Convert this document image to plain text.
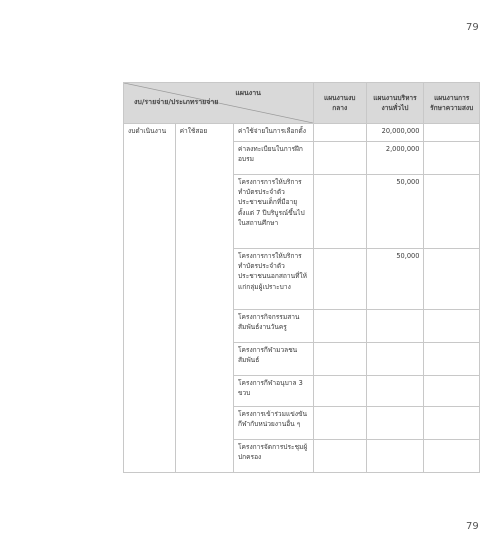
79
แผนงาน
งบ/รายจ่าย/ประเภทรายจ่าย			แผนงานงบกลาง	แผนงานบริหารงานทั่วไป	แผนงานการรักษาความสงบ

งบดำเนินงาน	ค่าใช้สอย	ค่าใช้จ่ายในการเลือกตั้ง		20,000,000	
		ค่าลงทะเบียนในการฝึกอบรม		2,000,000	
		โครงการการให้บริการทำบัตรประจำตัวประชาชนเด็กที่มีอายุตั้งแต่ 7 ปีบริบูรณ์ขึ้นไปในสถานศึกษา		50,000	
		โครงการการให้บริการทำบัตรประจำตัวประชาชนนอกสถานที่ให้แก่กลุ่มผู้เปราะบาง		50,000	
		โครงการกิจกรรมสานสัมพันธ์งานวันครู			
		โครงการกีฬามวลชนสัมพันธ์			
		โครงการกีฬาอนุบาล 3 ขวบ			
		โครงการเข้าร่วมแข่งขันกีฬากับหน่วยงานอื่น ๆ			
		โครงการจัดการประชุมผู้ปกครอง			
79
